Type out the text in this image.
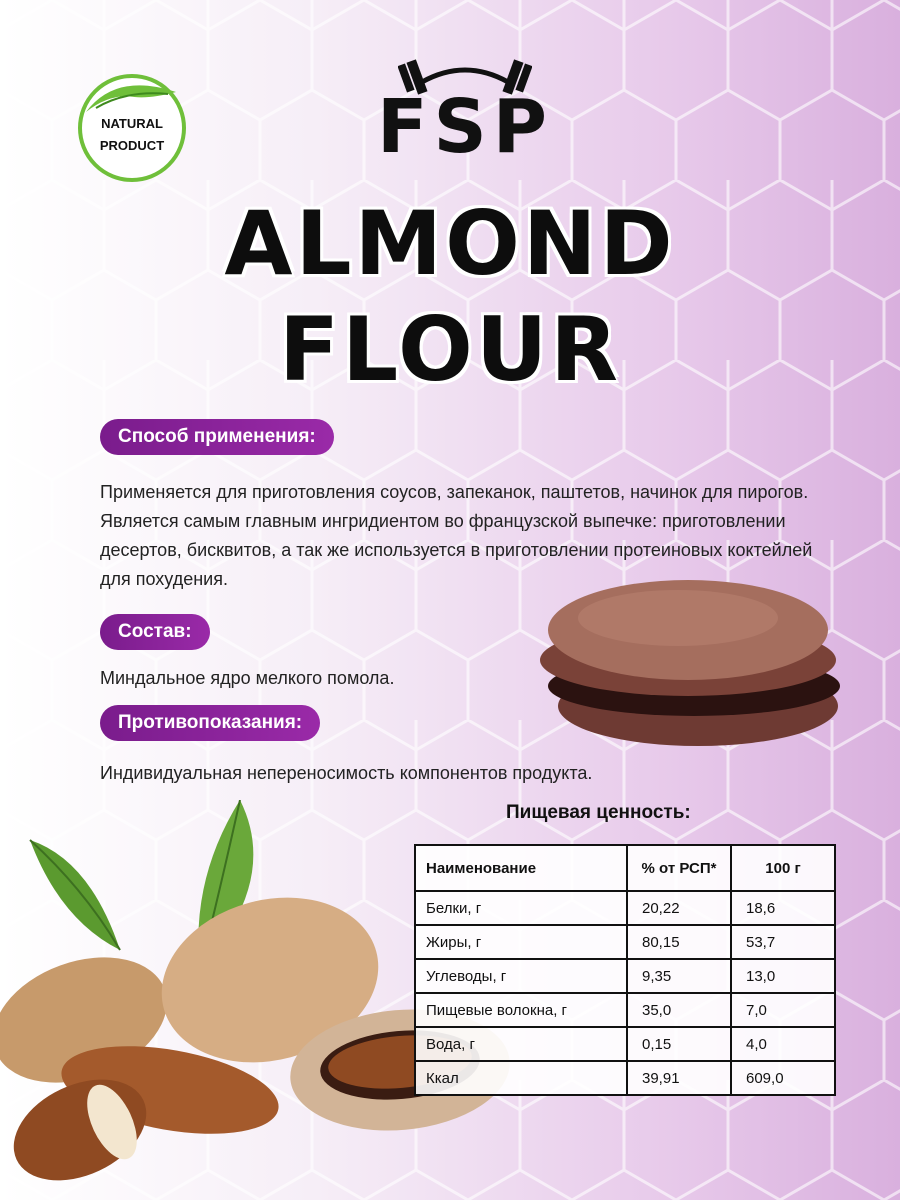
NATURAL
PRODUCT	FSP
ALMOND
FLOUR
Способ применения:
Применяется для приготовления соусов, запеканок, паштетов, начинок для пирогов. Является самым главным ингридиентом во французской выпечке: приготовлении десертов, бисквитов, а так же используется в приготовлении протеиновых коктейлей для похудения.
Состав:
Миндальное ядро мелкого помола.
Противопоказания:
Индивидуальная непереносимость компонентов продукта.
Пищевая ценность:
Наименование	% от РСП*	100 г
Белки, г	20,22	18,6
Жиры, г	80,15	53,7
Углеводы, г	9,35	13,0
Пищевые волокна, г	35,0	7,0
Вода, г	0,15	4,0
Ккал	39,91	609,0
